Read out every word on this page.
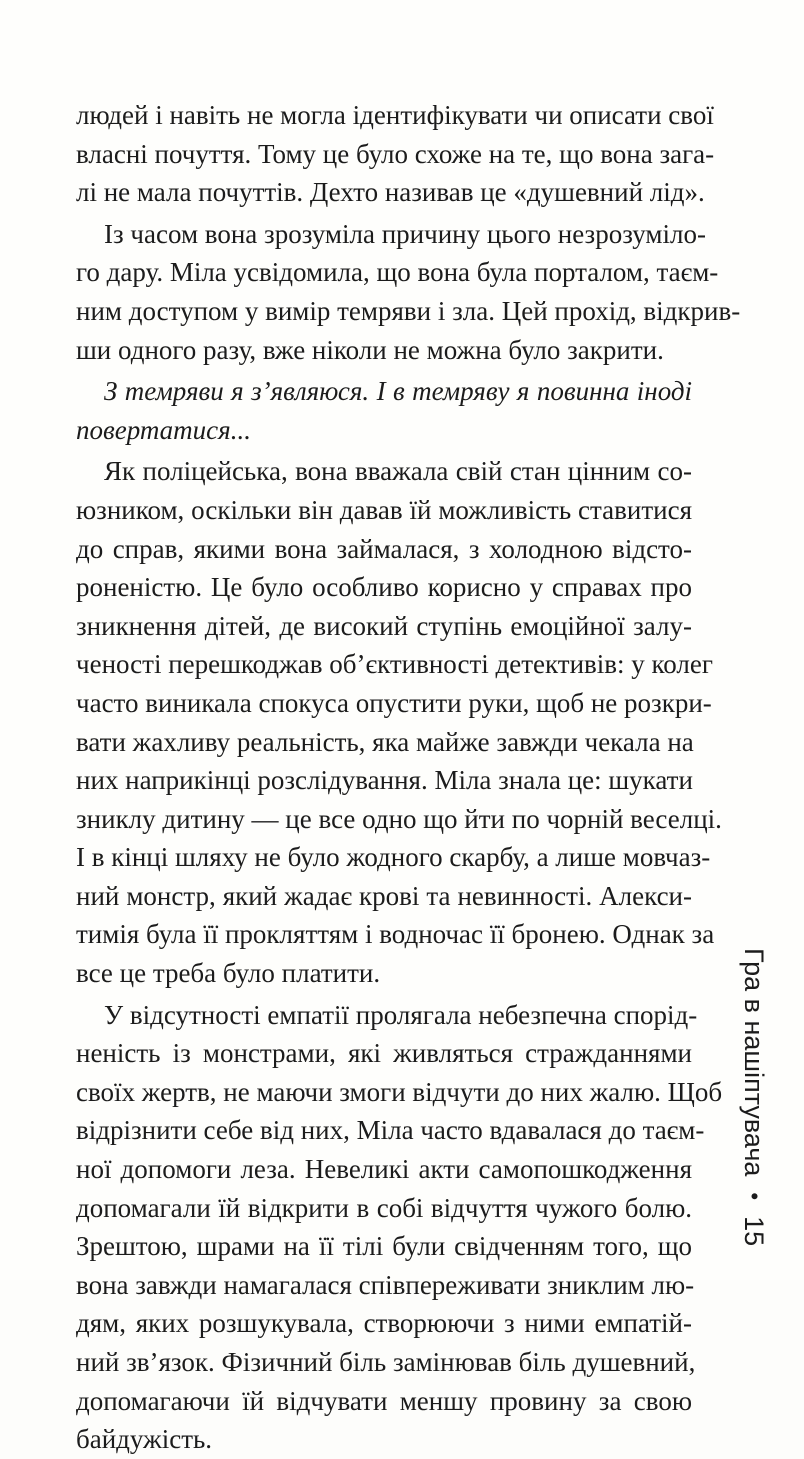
людей і навіть не могла ідентифікувати чи описати свої
власні почуття. Тому це було схоже на те, що вона зага-
лі не мала почуттів. Дехто називав це «душевний лід».
Із часом вона зрозуміла причину цього незрозуміло-
го дару. Міла усвідомила, що вона була порталом, таєм-
ним доступом у вимір темряви і зла. Цей прохід, відкрив-
ши одного разу, вже ніколи не можна було закрити.
З темряви я з’являюся. І в темряву я повинна іноді
повертатися...
Як поліцейська, вона вважала свій стан цінним со-
юзником, оскільки він давав їй можливість ставитися
до справ, якими вона займалася, з холодною відсто-
роненістю. Це було особливо корисно у справах про
зникнення дітей, де високий ступінь емоційної залу-
ченості перешкоджав об’єктивності детективів: у колег
часто виникала спокуса опустити руки, щоб не розкри-
вати жахливу реальність, яка майже завжди чекала на
них наприкінці розслідування. Міла знала це: шукати
зниклу дитину — це все одно що йти по чорній веселці.
І в кінці шляху не було жодного скарбу, а лише мовчаз-
ний монстр, який жадає крові та невинності. Алекси-
тимія була її прокляттям і водночас її бронею. Однак за
все це треба було платити.
У відсутності емпатії пролягала небезпечна спорід-
неність із монстрами, які живляться стражданнями
своїх жертв, не маючи змоги відчути до них жалю. Щоб
відрізнити себе від них, Міла часто вдавалася до таєм-
ної допомоги леза. Невеликі акти самопошкодження
допомагали їй відкрити в собі відчуття чужого болю.
Зрештою, шрами на її тілі були свідченням того, що
вона завжди намагалася співпереживати зниклим лю-
дям, яких розшукувала, створюючи з ними емпатій-
ний зв’язок. Фізичний біль замінював біль душевний,
допомагаючи їй відчувати меншу провину за свою
байдужість.
Гра в нашіптувача
•
15
